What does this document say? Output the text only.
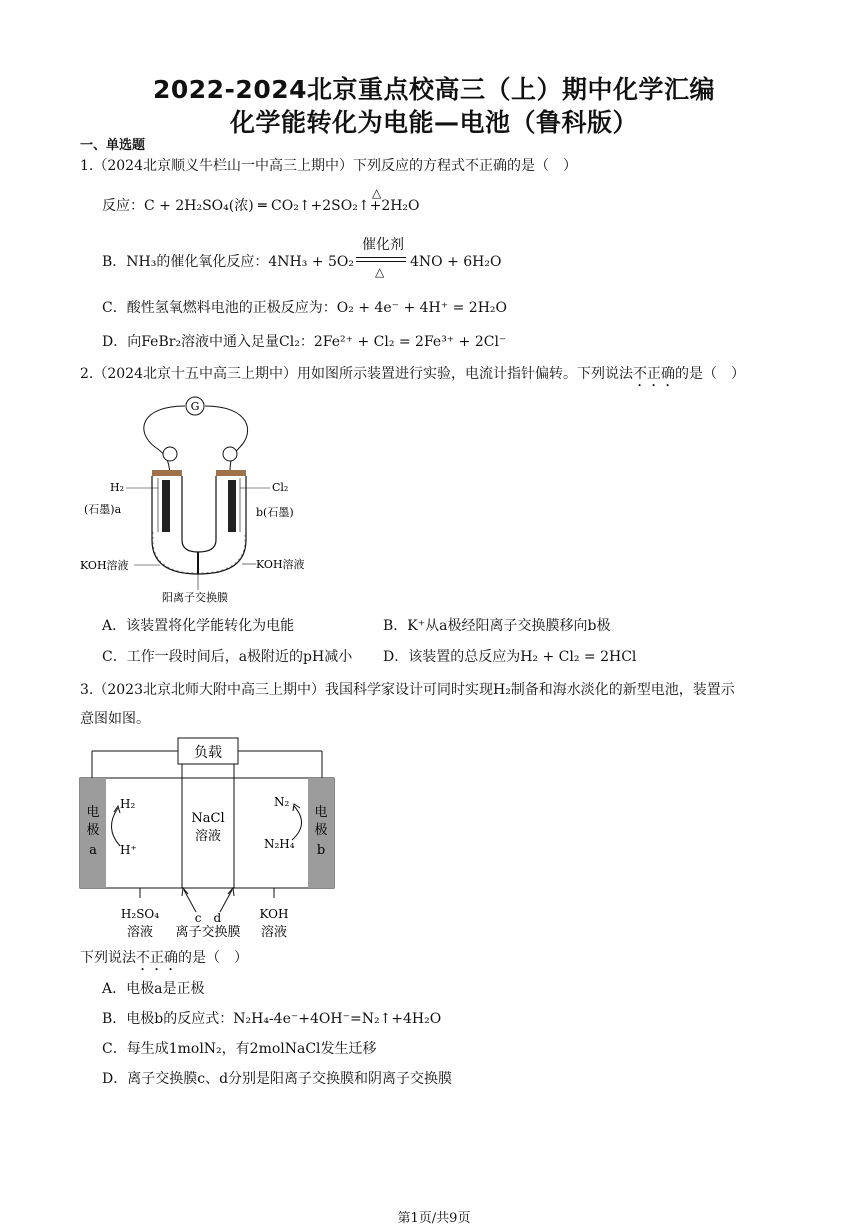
2022-2024北京重点校高三（上）期中化学汇编
化学能转化为电能—电池（鲁科版）
一、单选题
1.（2024北京顺义牛栏山一中高三上期中）下列反应的方程式不正确的是（　）
反应：C + 2H₂SO₄(浓) ═ CO₂↑+2SO₂↑+2H₂O
△
B．NH₃的催化氧化反应：4NH₃ + 5O₂
催化剂
△
4NO + 6H₂O
C．酸性氢氧燃料电池的正极反应为：O₂ + 4e⁻ + 4H⁺ = 2H₂O
D．向FeBr₂溶液中通入足量Cl₂：2Fe²⁺ + Cl₂ = 2Fe³⁺ + 2Cl⁻
2.（2024北京十五中高三上期中）用如图所示装置进行实验，电流计指针偏转。下列说法不正确的是（　）
G
H₂	Cl₂
(石墨)a	b(石墨)
KOH溶液	KOH溶液
阳离子交换膜
A．该装置将化学能转化为电能	B．K⁺从a极经阳离子交换膜移向b极
C．工作一段时间后，a极附近的pH减小 D．该装置的总反应为H₂ + Cl₂ = 2HCl
3.（2023北京北师大附中高三上期中）我国科学家设计可同时实现H₂制备和海水淡化的新型电池，装置示
意图如图。
负载
电
极
a
电
极
b
H₂
H⁺
NaCl
溶液
N₂
N₂H₄
H₂SO₄
溶液
c　d
离子交换膜
KOH
溶液
下列说法不正确的是（　）
A．电极a是正极
B．电极b的反应式：N₂H₄-4e⁻+4OH⁻=N₂↑+4H₂O
C．每生成1molN₂，有2molNaCl发生迁移
D．离子交换膜c、d分别是阳离子交换膜和阴离子交换膜
第1页/共9页
